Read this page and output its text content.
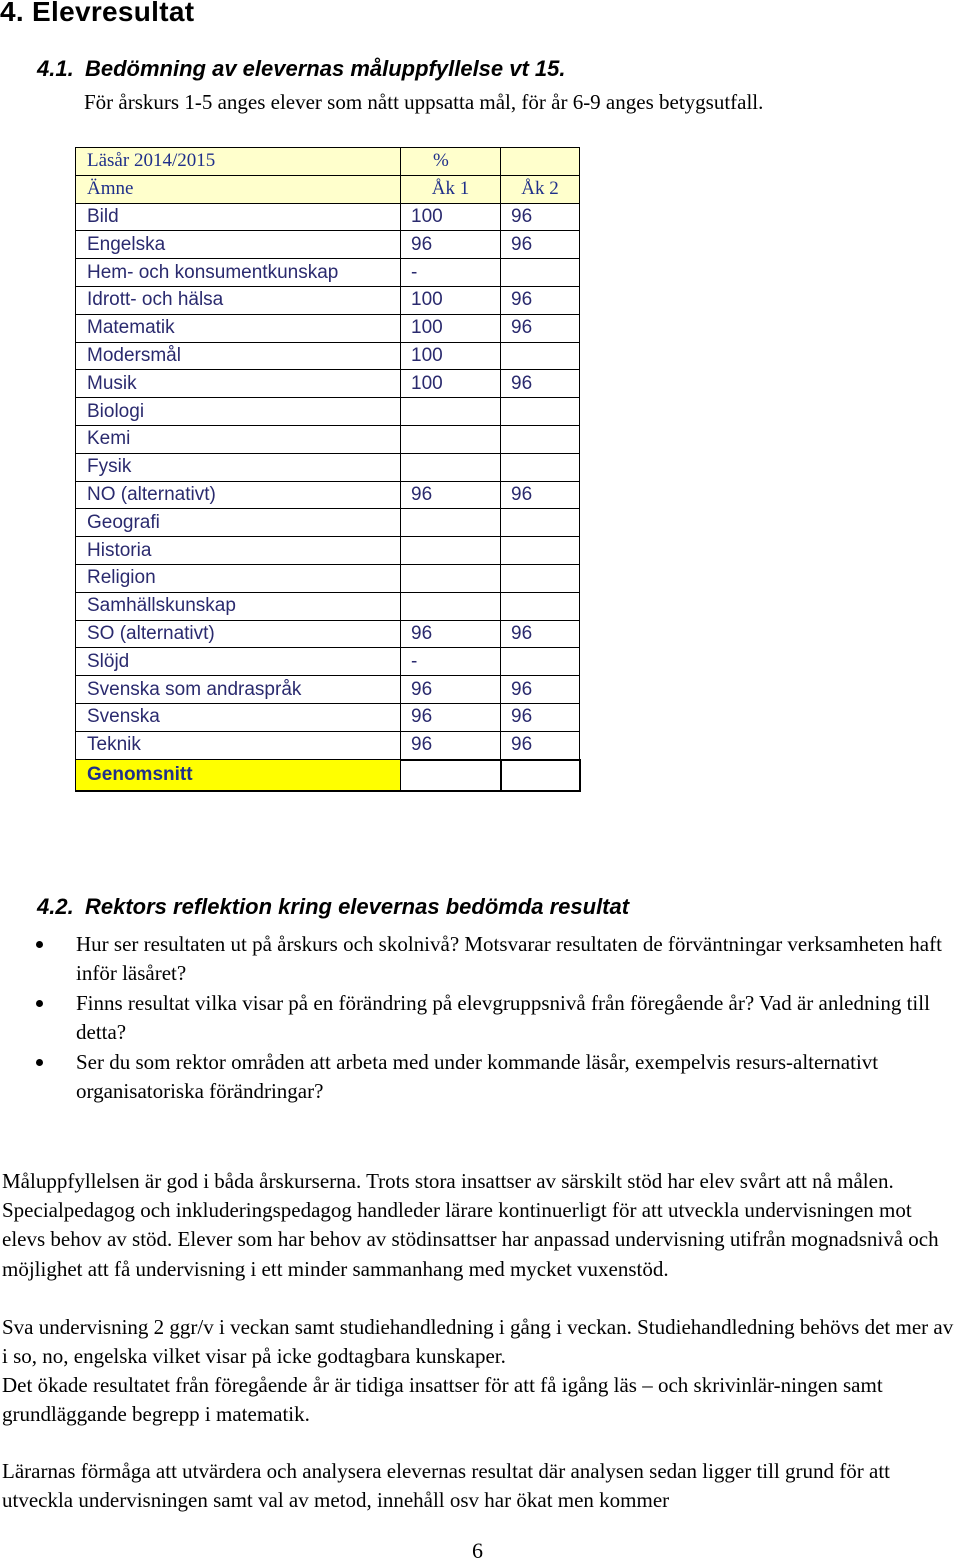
4. Elevresultat
4.1. Bedömning av elevernas måluppfyllelse vt 15.
För årskurs 1-5 anges elever som nått uppsatta mål, för år 6-9 anges betygsutfall.
Läsår 2014/2015	%	
Ämne	Åk 1	Åk 2
Bild	100	96
Engelska	96	96
Hem- och konsumentkunskap	-	
Idrott- och hälsa	100	96
Matematik	100	96
Modersmål	100	
Musik	100	96
Biologi		
Kemi		
Fysik		
NO (alternativt)	96	96
Geografi		
Historia		
Religion		
Samhällskunskap		
SO (alternativt)	96	96
Slöjd	-	
Svenska som andraspråk	96	96
Svenska	96	96
Teknik	96	96
Genomsnitt		
4.2. Rektors reflektion kring elevernas bedömda resultat
Hur ser resultaten ut på årskurs och skolnivå? Motsvarar resultaten de förväntningar verksamheten haft inför läsåret?
Finns resultat vilka visar på en förändring på elevgruppsnivå från föregående år? Vad är anledning till detta?
Ser du som rektor områden att arbeta med under kommande läsår, exempelvis resurs-alternativt organisatoriska förändringar?
Måluppfyllelsen är god i båda årskurserna. Trots stora insattser av särskilt stöd har elev svårt att nå målen. Specialpedagog och inkluderingspedagog handleder lärare kontinuerligt för att utveckla undervisningen mot elevs behov av stöd. Elever som har behov av stödinsattser har anpassad undervisning utifrån mognadsnivå och möjlighet att få undervisning i ett minder sammanhang med mycket vuxenstöd.
Sva undervisning 2 ggr/v i veckan samt studiehandledning i gång i veckan. Studiehandledning behövs det mer av i so, no, engelska vilket visar på icke godtagbara kunskaper.
Det ökade resultatet från föregående år är tidiga insattser för att få igång läs – och skrivinlär-ningen samt grundläggande begrepp i matematik.
Lärarnas förmåga att utvärdera och analysera elevernas resultat där analysen sedan ligger till grund för att utveckla undervisningen samt val av metod, innehåll osv har ökat men kommer
6
